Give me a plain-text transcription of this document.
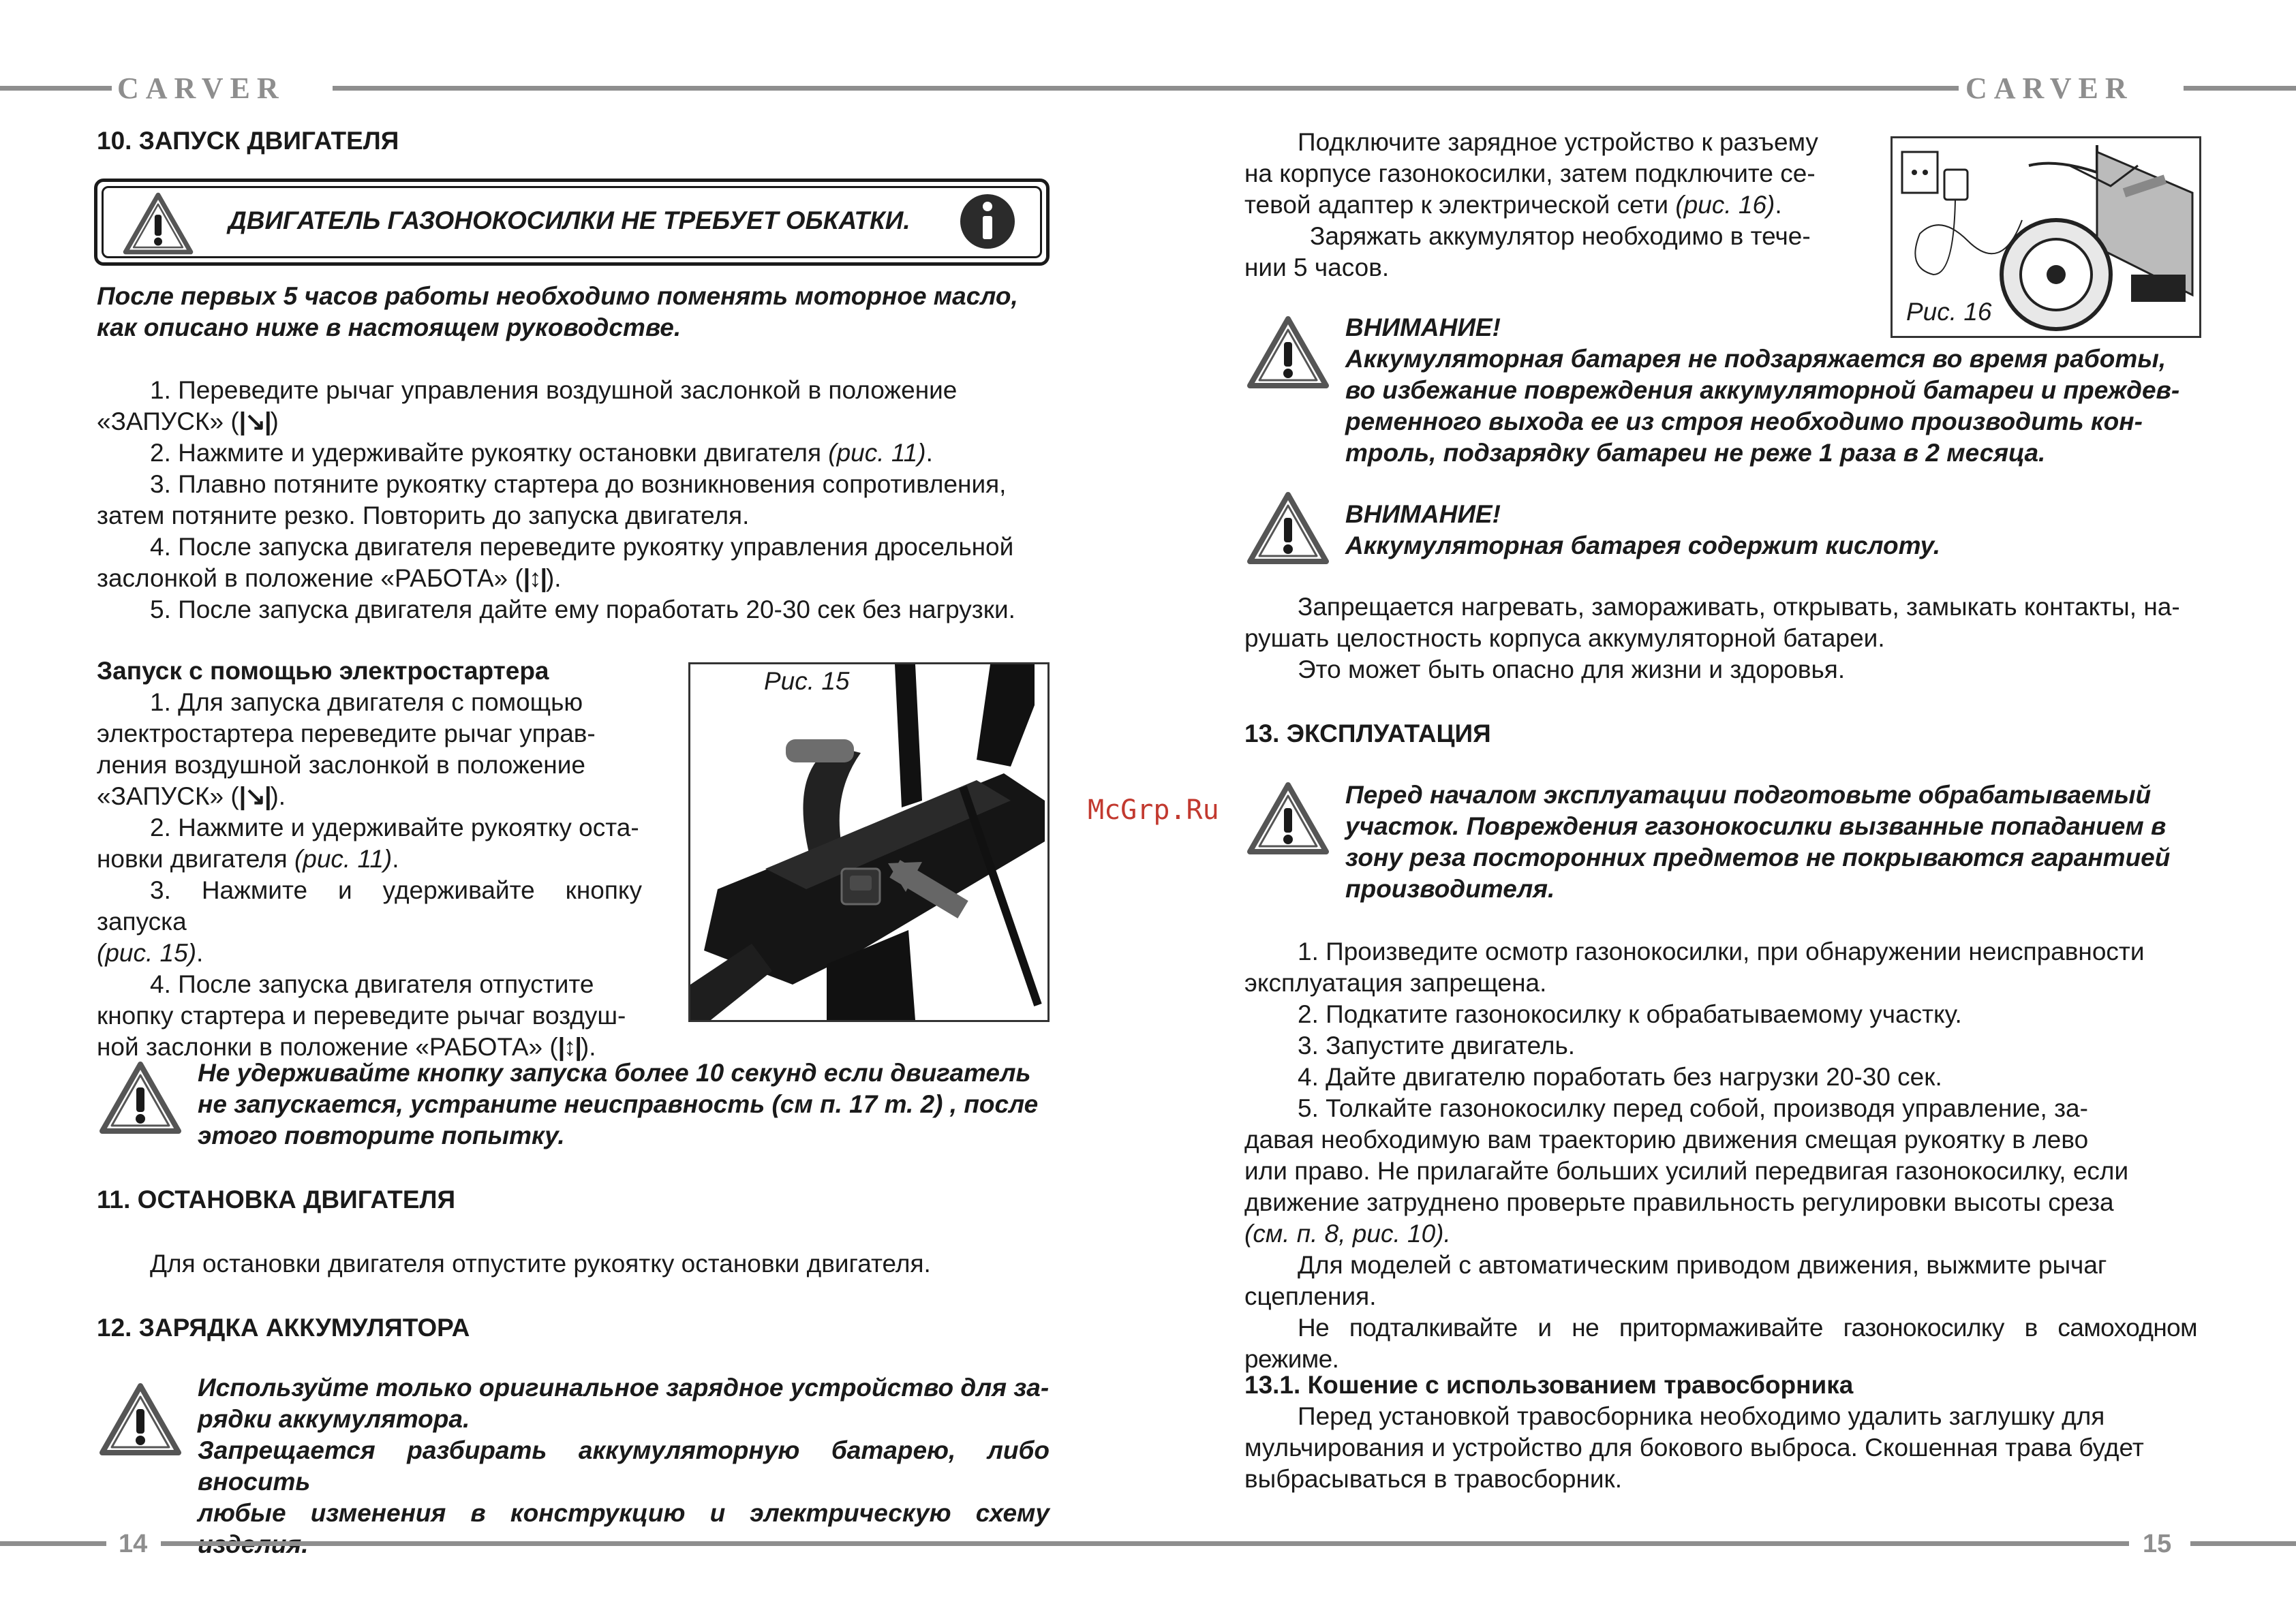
CARVER
10. ЗАПУСК ДВИГАТЕЛЯ
ДВИГАТЕЛЬ ГАЗОНОКОСИЛКИ НЕ ТРЕБУЕТ ОБКАТКИ.
После первых 5 часов работы необходимо поменять моторное масло,
как описано ниже в настоящем руководстве.

1. Переведите рычаг управления воздушной заслонкой в положение

«ЗАПУСК» (|↘|)

2. Нажмите и удерживайте рукоятку остановки двигателя (рис. 11).

3. Плавно потяните рукоятку стартера до возникновения сопротивления,

затем потяните резко. Повторить до запуска двигателя.

4. После запуска двигателя переведите рукоятку управления дросельной

заслонкой в положение «РАБОТА» (|↕|).

5. После запуска двигателя дайте ему поработать 20-30 сек без нагрузки.

Запуск с помощью электростартера

1. Для запуска двигателя с помощью

электростартера переведите рычаг управ-

ления воздушной заслонкой в положение

«ЗАПУСК» (|↘|).

2. Нажмите и удерживайте рукоятку оста-

новки двигателя (рис. 11).

3. Нажмите и удерживайте кнопку запуска

(рис. 15).

4. После запуска двигателя отпустите

кнопку стартера и переведите рычаг воздуш-

ной заслонки в положение «РАБОТА» (|↕|).

Рис. 15
Не удерживайте кнопку запуска более 10 секунд если двигатель
не запускается, устраните неисправность (см п. 17 т. 2) , после
этого повторите попытку.
11. ОСТАНОВКА ДВИГАТЕЛЯ
Для остановки двигателя отпустите рукоятку остановки двигателя.
12. ЗАРЯДКА АККУМУЛЯТОРА
Используйте только оригинальное зарядное устройство для за-
рядки аккумулятора.
Запрещается разбирать аккумуляторную батарею, либо вносить
любые изменения в конструкцию и электрическую схему
14
CARVER

Подключите зарядное устройство к разъему

на корпусе газонокосилки, затем подключите се-

тевой адаптер к электрической сети (рис. 16).

Заряжать аккумулятор необходимо в тече-

нии 5 часов.

Рис. 16
ВНИМАНИЕ!
Аккумуляторная батарея не подзаряжается во время работы,
во избежание повреждения аккумуляторной батареи и преждев-
ременного выхода ее из строя необходимо производить кон-
троль, подзарядку батареи не реже 1 раза в 2 месяца.
ВНИМАНИЕ!
Аккумуляторная батарея содержит кислоту.

Запрещается нагревать, замораживать, открывать, замыкать контакты, на-

рушать целостность корпуса аккумуляторной батареи.

Это может быть опасно для жизни и здоровья.

13. ЭКСПЛУАТАЦИЯ
Перед началом эксплуатации подготовьте обрабатываемый
участок. Повреждения газонокосилки вызванные попаданием в
зону реза посторонних предметов не покрываются гарантией
производителя.

1. Произведите осмотр газонокосилки, при обнаружении неисправности

эксплуатация запрещена.

2. Подкатите газонокосилку к обрабатываемому участку.

3. Запустите двигатель.

4. Дайте двигателю поработать без нагрузки 20-30 сек.

5. Толкайте газонокосилку перед собой, производя управление, за-

давая необходимую вам траекторию движения смещая рукоятку в лево

или право. Не прилагайте больших усилий передвигая газонокосилку, если

движение затруднено проверьте правильность регулировки высоты среза

(см. п. 8, рис. 10).

Для моделей с автоматическим приводом движения, выжмите рычаг

сцепления.

Не подталкивайте и не притормаживайте газонокосилку в самоходном режиме.

13.1. Кошение с использованием травосборника

Перед установкой травосборника необходимо удалить заглушку для

мульчирования и устройство для бокового выброса. Скошенная трава будет

выбрасываться в травосборник.

15
McGrp.Ru
